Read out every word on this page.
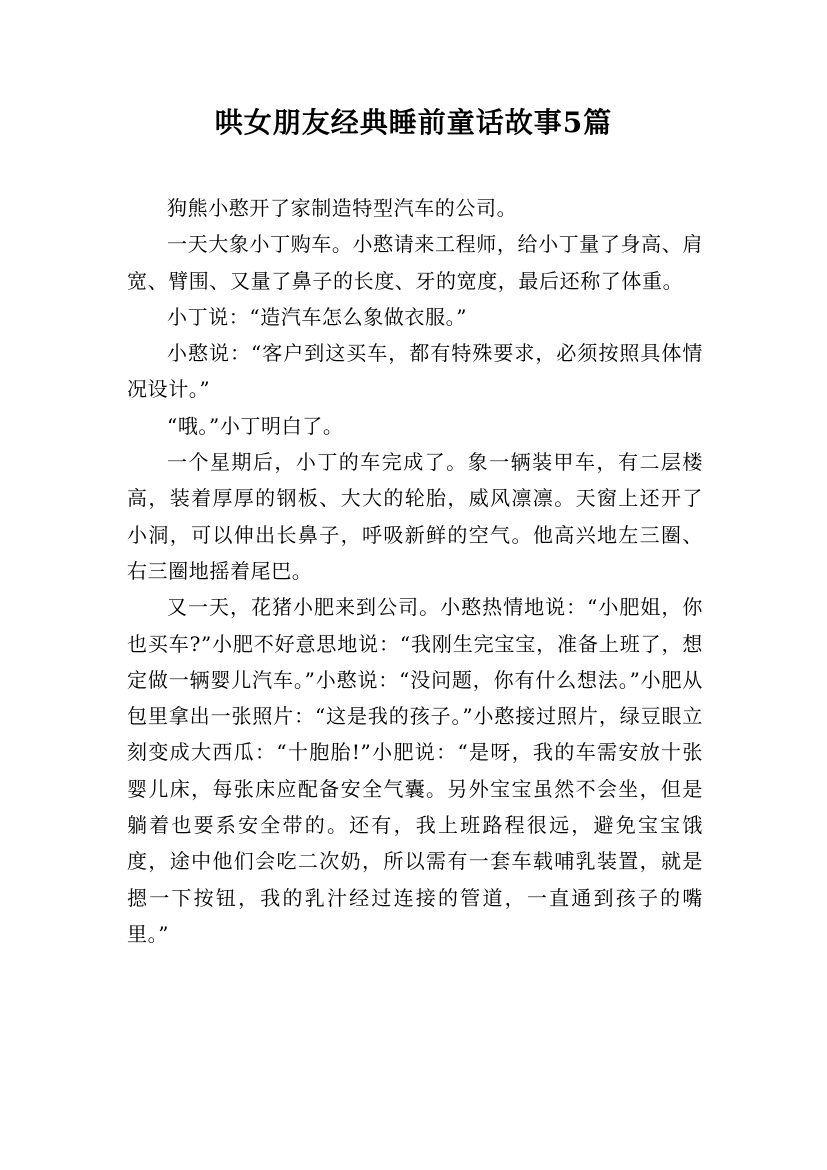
哄女朋友经典睡前童话故事5篇

狗熊小憨开了家制造特型汽车的公司。

一天大象小丁购车。小憨请来工程师，给小丁量了身高、肩宽、臂围、又量了鼻子的长度、牙的宽度，最后还称了体重。

小丁说：“造汽车怎么象做衣服。”

小憨说：“客户到这买车，都有特殊要求，必须按照具体情况设计。”

“哦。”小丁明白了。

一个星期后，小丁的车完成了。象一辆装甲车，有二层楼高，装着厚厚的钢板、大大的轮胎，威风凛凛。天窗上还开了小洞，可以伸出长鼻子，呼吸新鲜的空气。他高兴地左三圈、右三圈地摇着尾巴。

又一天，花猪小肥来到公司。小憨热情地说：“小肥姐，你也买车?”小肥不好意思地说：“我刚生完宝宝，准备上班了，想定做一辆婴儿汽车。”小憨说：“没问题，你有什么想法。”小肥从包里拿出一张照片：“这是我的孩子。”小憨接过照片，绿豆眼立刻变成大西瓜：“十胞胎!”小肥说：“是呀，我的车需安放十张婴儿床，每张床应配备安全气囊。另外宝宝虽然不会坐，但是躺着也要系安全带的。还有，我上班路程很远，避免宝宝饿度，途中他们会吃二次奶，所以需有一套车载哺乳装置，就是摁一下按钮，我的乳汁经过连接的管道，一直通到孩子的嘴里。”
